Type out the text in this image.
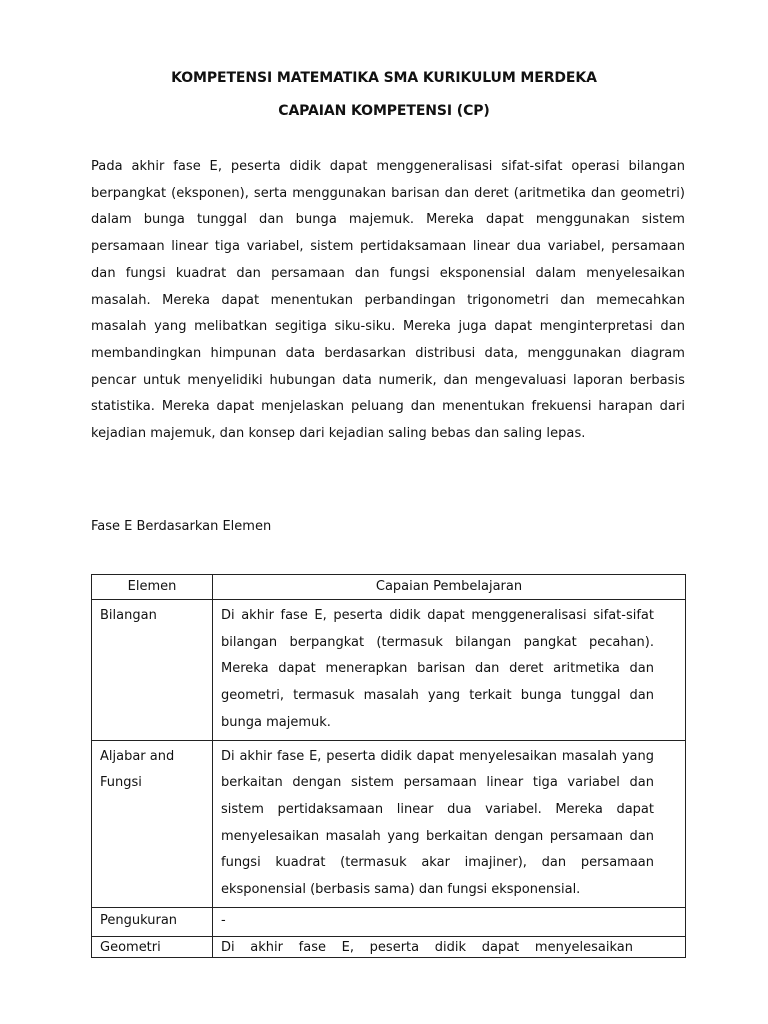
KOMPETENSI MATEMATIKA SMA KURIKULUM MERDEKA
CAPAIAN KOMPETENSI (CP)
Pada akhir fase E, peserta didik dapat menggeneralisasi sifat-sifat operasi bilangan berpangkat (eksponen), serta menggunakan barisan dan deret (aritmetika dan geometri) dalam bunga tunggal dan bunga majemuk. Mereka dapat menggunakan sistem persamaan linear tiga variabel, sistem pertidaksamaan linear dua variabel, persamaan dan fungsi kuadrat dan persamaan dan fungsi eksponensial dalam menyelesaikan masalah. Mereka dapat menentukan perbandingan trigonometri dan memecahkan masalah yang melibatkan segitiga siku-siku. Mereka juga dapat menginterpretasi dan membandingkan himpunan data berdasarkan distribusi data, menggunakan diagram pencar untuk menyelidiki hubungan data numerik, dan mengevaluasi laporan berbasis statistika. Mereka dapat menjelaskan peluang dan menentukan frekuensi harapan dari kejadian majemuk, dan konsep dari kejadian saling bebas dan saling lepas.
Fase E Berdasarkan Elemen
Elemen	Capaian Pembelajaran
Bilangan	Di akhir fase E, peserta didik dapat menggeneralisasi sifat-sifat bilangan berpangkat (termasuk bilangan pangkat pecahan). Mereka dapat menerapkan barisan dan deret aritmetika dan geometri, termasuk masalah yang terkait bunga tunggal dan bunga majemuk.
Aljabar and Fungsi	Di akhir fase E, peserta didik dapat menyelesaikan masalah yang berkaitan dengan sistem persamaan linear tiga variabel dan sistem pertidaksamaan linear dua variabel. Mereka dapat menyelesaikan masalah yang berkaitan dengan persamaan dan fungsi kuadrat (termasuk akar imajiner), dan persamaan eksponensial (berbasis sama) dan fungsi eksponensial.
Pengukuran	-
Geometri	Di akhir fase E, peserta didik dapat menyelesaikan
